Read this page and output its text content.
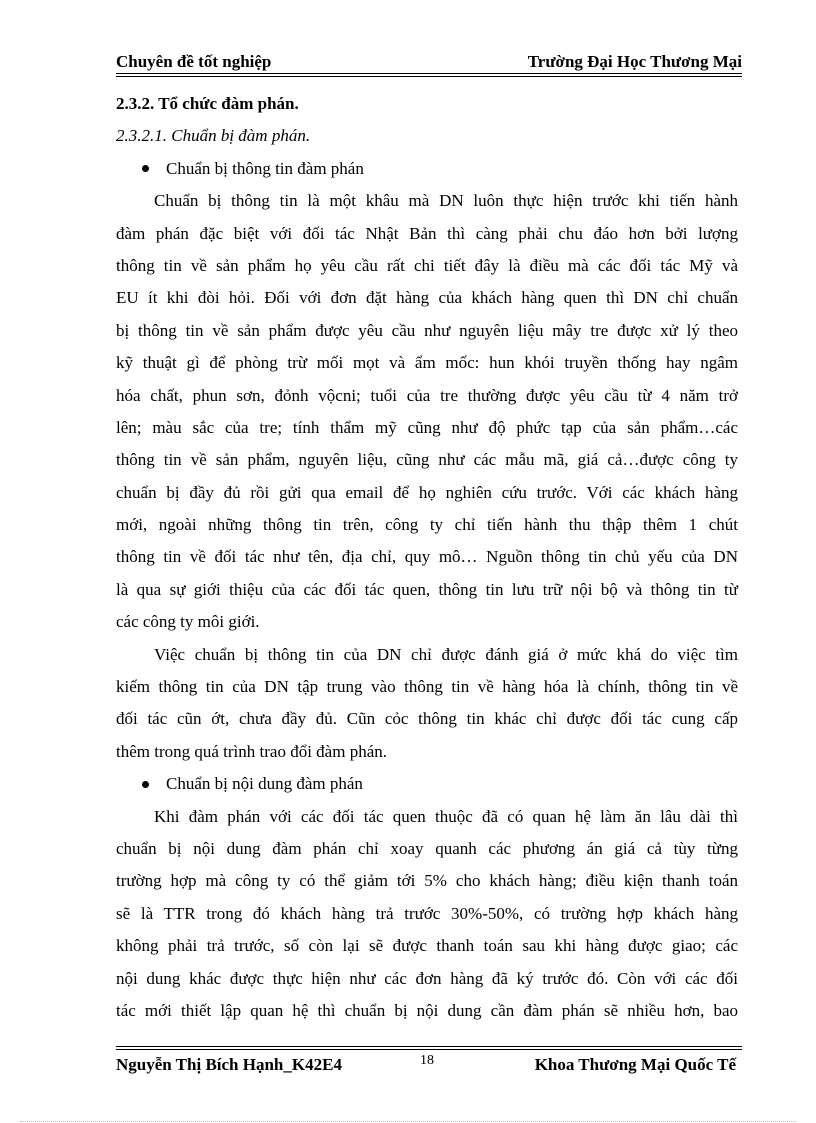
Chuyên đề tốt nghiệp	Trường Đại Học Thương Mại
2.3.2. Tổ chức đàm phán.
2.3.2.1. Chuẩn bị đàm phán.
Chuẩn bị thông tin đàm phán
Chuẩn bị thông tin là một khâu mà DN luôn thực hiện trước khi tiến hành
đàm phán đặc biệt với đối tác Nhật Bản thì càng phải chu đáo hơn bởi lượng
thông tin về sản phẩm họ yêu cầu rất chi tiết đây là điều mà các đối tác Mỹ và
EU ít khi đòi hỏi. Đối với đơn đặt hàng của khách hàng quen thì DN chỉ chuẩn
bị thông tin về sản phẩm được yêu cầu như nguyên liệu mây tre được xử lý theo
kỹ thuật gì để phòng trừ mối mọt và ẩm mốc: hun khói truyền thống hay ngâm
hóa chất, phun sơn, đỏnh vộcni; tuổi của tre thường được yêu cầu từ 4 năm trở
lên; màu sắc của tre; tính thẩm mỹ cũng như độ phức tạp của sản phẩm…các
thông tin về sản phẩm, nguyên liệu, cũng như các mẫu mã, giá cả…được công ty
chuẩn bị đầy đủ rồi gửi qua email để họ nghiên cứu trước. Với các khách hàng
mới, ngoài những thông tin trên, công ty chỉ tiến hành thu thập thêm 1 chút
thông tin về đối tác như tên, địa chỉ, quy mô… Nguồn thông tin chủ yếu của DN
là qua sự giới thiệu của các đối tác quen, thông tin lưu trữ nội bộ và thông tin từ
các công ty môi giới.
Việc chuẩn bị thông tin của DN chỉ được đánh giá ở mức khá do việc tìm
kiếm thông tin của DN tập trung vào thông tin về hàng hóa là chính, thông tin về
đối tác cũn ớt, chưa đầy đủ. Cũn cỏc thông tin khác chỉ được đối tác cung cấp
thêm trong quá trình trao đổi đàm phán.
Chuẩn bị nội dung đàm phán
Khi đàm phán với các đối tác quen thuộc đã có quan hệ làm ăn lâu dài thì
chuẩn bị nội dung đàm phán chỉ xoay quanh các phương án giá cả tùy từng
trường hợp mà công ty có thể giảm tới 5% cho khách hàng; điều kiện thanh toán
sẽ là TTR trong đó khách hàng trả trước 30%-50%, có trường hợp khách hàng
không phải trả trước, số còn lại sẽ được thanh toán sau khi hàng được giao; các
nội dung khác được thực hiện như các đơn hàng đã ký trước đó. Còn với các đối
tác mới thiết lập quan hệ thì chuẩn bị nội dung cần đàm phán sẽ nhiều hơn, bao
Nguyễn Thị Bích Hạnh_K42E4	18	Khoa Thương Mại Quốc Tế
